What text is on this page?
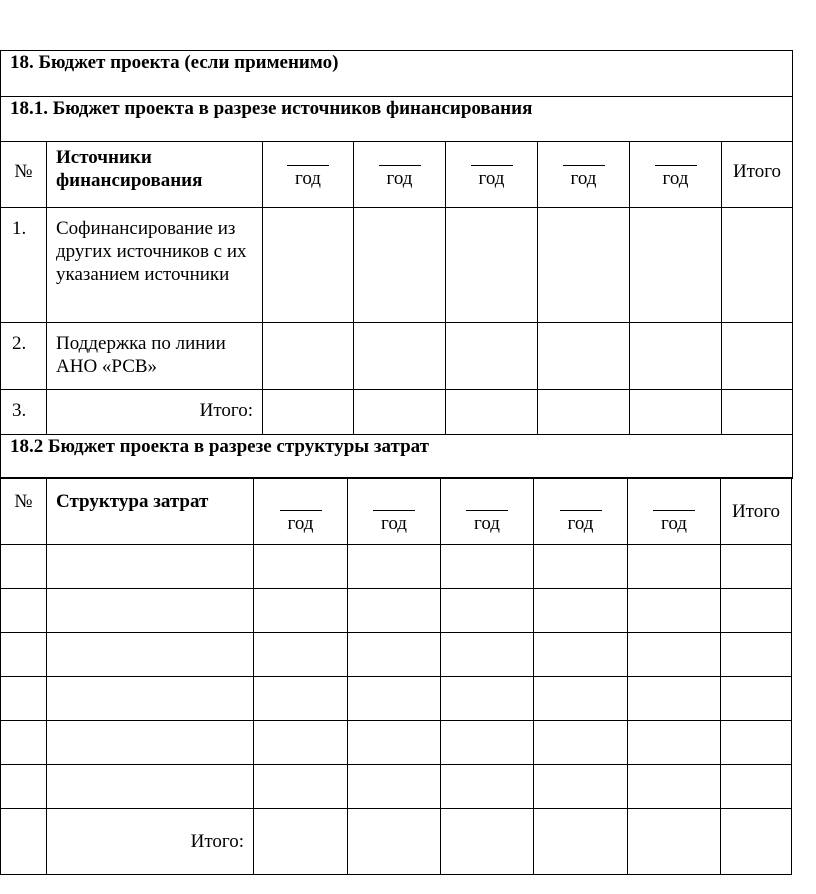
18. Бюджет проекта (если применимо)							
18.1. Бюджет проекта в разрезе источников финансирования							
№	Источники финансирования	год	год	год	год	год	Итого
1.	Софинансирование из других источников с их указанием источники						
2.	Поддержка по линии АНО «РСВ»						
3.	Итого:						
18.2 Бюджет проекта в разрезе структуры затрат							
№	Структура затрат	год	год	год	год	год	Итого

	Итого:						
